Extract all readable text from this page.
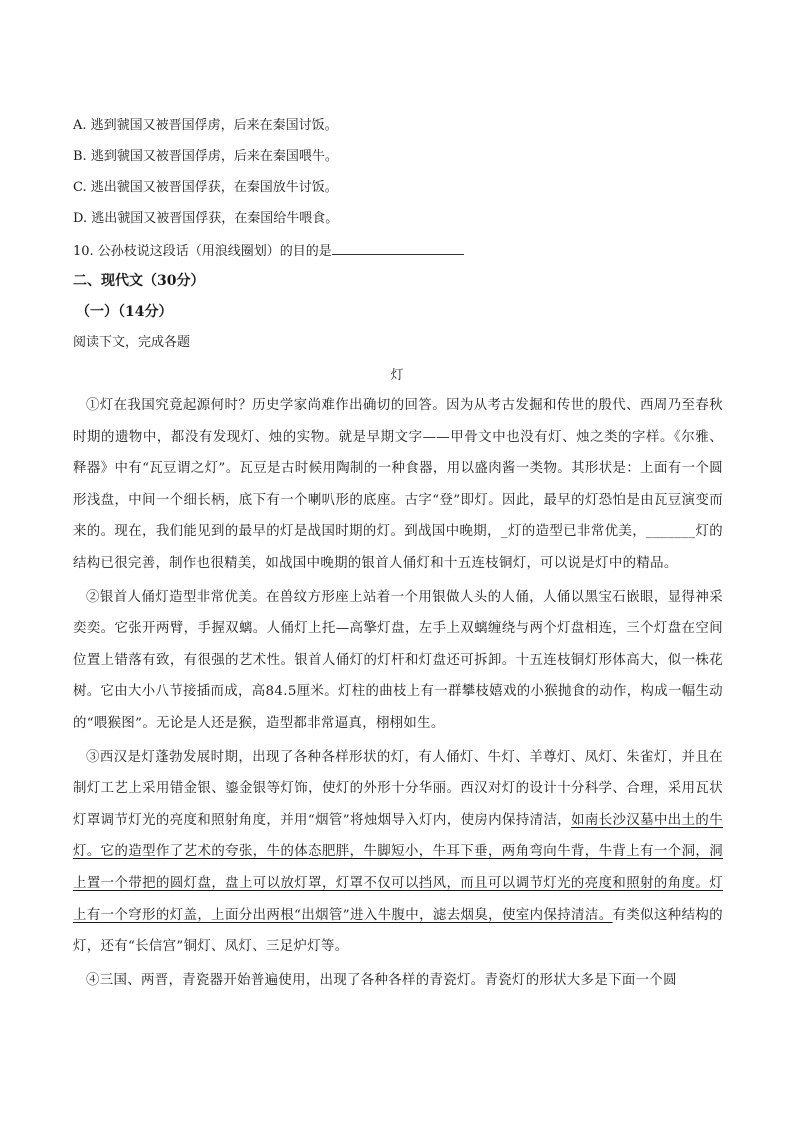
A. 逃到虢国又被晋国俘虏，后来在秦国讨饭。
B. 逃到虢国又被晋国俘虏，后来在秦国喂牛。
C. 逃出虢国又被晋国俘获，在秦国放牛讨饭。
D. 逃出虢国又被晋国俘获，在秦国给牛喂食。
10. 公孙枝说这段话（用浪线圈划）的目的是
二、现代文（30分）
（一）（14分）
阅读下文，完成各题
灯

①灯在我国究竟起源何时？历史学家尚难作出确切的回答。因为从考古发掘和传世的殷代、西周乃至春秋时期的遗物中，都没有发现灯、烛的实物。就是早期文字——甲骨文中也没有灯、烛之类的字样。《尔雅、释器》中有“瓦豆谓之灯”。瓦豆是古时候用陶制的一种食器，用以盛肉酱一类物。其形状是：上面有一个圆形浅盘，中间一个细长柄，底下有一个喇叭形的底座。古字“登”即灯。因此，最早的灯恐怕是由瓦豆演变而来的。现在，我们能见到的最早的灯是战国时期的灯。到战国中晚期，_灯的造型已非常优美，_______灯的结构已很完善，制作也很精美，如战国中晚期的银首人俑灯和十五连枝铜灯，可以说是灯中的精品。

②银首人俑灯造型非常优美。在兽纹方形座上站着一个用银做人头的人俑，人俑以黑宝石嵌眼，显得神采奕奕。它张开两臂，手握双螭。人俑灯上托—高擎灯盘，左手上双螭缠绕与两个灯盘相连，三个灯盘在空间位置上错落有致，有很强的艺术性。银首人俑灯的灯杆和灯盘还可拆卸。十五连枝铜灯形体高大，似一株花树。它由大小八节接插而成，高84.5厘米。灯柱的曲枝上有一群攀枝嬉戏的小猴抛食的动作，构成一幅生动的“喂猴图”。无论是人还是猴，造型都非常逼真，栩栩如生。

③西汉是灯蓬勃发展时期，出现了各种各样形状的灯，有人俑灯、牛灯、羊尊灯、凤灯、朱雀灯，并且在制灯工艺上采用错金银、鎏金银等灯饰，使灯的外形十分华丽。西汉对灯的设计十分科学、合理，采用瓦状灯罩调节灯光的亮度和照射角度，并用“烟管”将烛烟导入灯内，使房内保持清洁，如南长沙汉墓中出土的牛灯。它的造型作了艺术的夸张，牛的体态肥胖，牛脚短小，牛耳下垂，两角弯向牛背，牛背上有一个洞，洞上置一个带把的圆灯盘，盘上可以放灯罩，灯罩不仅可以挡风，而且可以调节灯光的亮度和照射的角度。灯上有一个穹形的灯盖，上面分出两根“出烟管”进入牛腹中，滤去烟臭，使室内保持清洁。有类似这种结构的灯，还有“长信宫”铜灯、凤灯、三足炉灯等。

④三国、两晋，青瓷器开始普遍使用，出现了各种各样的青瓷灯。青瓷灯的形状大多是下面一个圆
